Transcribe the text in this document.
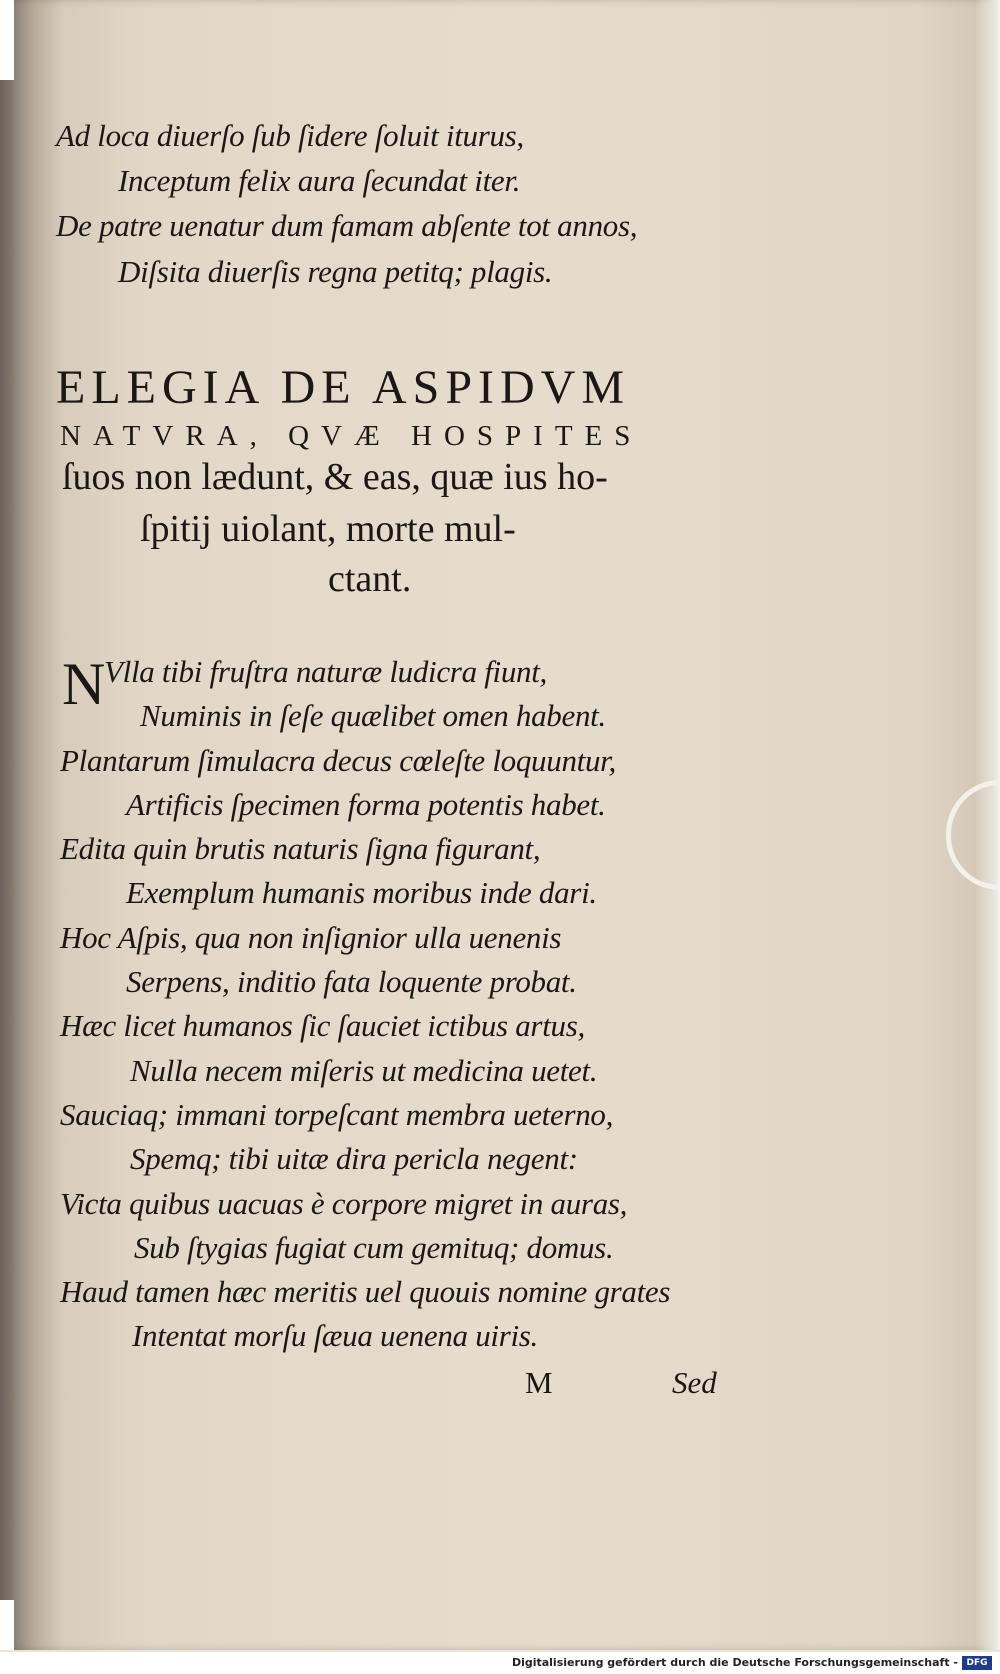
Ad loca diuerſo ſub ſidere ſoluit iturus,
Inceptum felix aura ſecundat iter.
De patre uenatur dum famam abſente tot annos,
Diſsita diuerſis regna petitq; plagis.
ELEGIA DE ASPIDVM
NATVRA, QVÆ HOSPITES
ſuos non lædunt, & eas, quæ ius ho-
ſpitij uiolant, morte mul-
ctant.
N
Vlla tibi fruſtra naturæ ludicra fiunt,
Numinis in ſeſe quælibet omen habent.
Plantarum ſimulacra decus cœleſte loquuntur,
Artificis ſpecimen forma potentis habet.
Edita quin brutis naturis ſigna figurant,
Exemplum humanis moribus inde dari.
Hoc Aſpis, qua non inſignior ulla uenenis
Serpens, inditio fata loquente probat.
Hæc licet humanos ſic ſauciet ictibus artus,
Nulla necem miſeris ut medicina uetet.
Sauciaq; immani torpeſcant membra ueterno,
Spemq; tibi uitæ dira pericla negent:
Victa quibus uacuas è corpore migret in auras,
Sub ſtygias fugiat cum gemituq; domus.
Haud tamen hæc meritis uel quouis nomine grates
Intentat morſu ſæua uenena uiris.
M	Sed
Digitalisierung gefördert durch die Deutsche Forschungsgemeinschaft - DFG
